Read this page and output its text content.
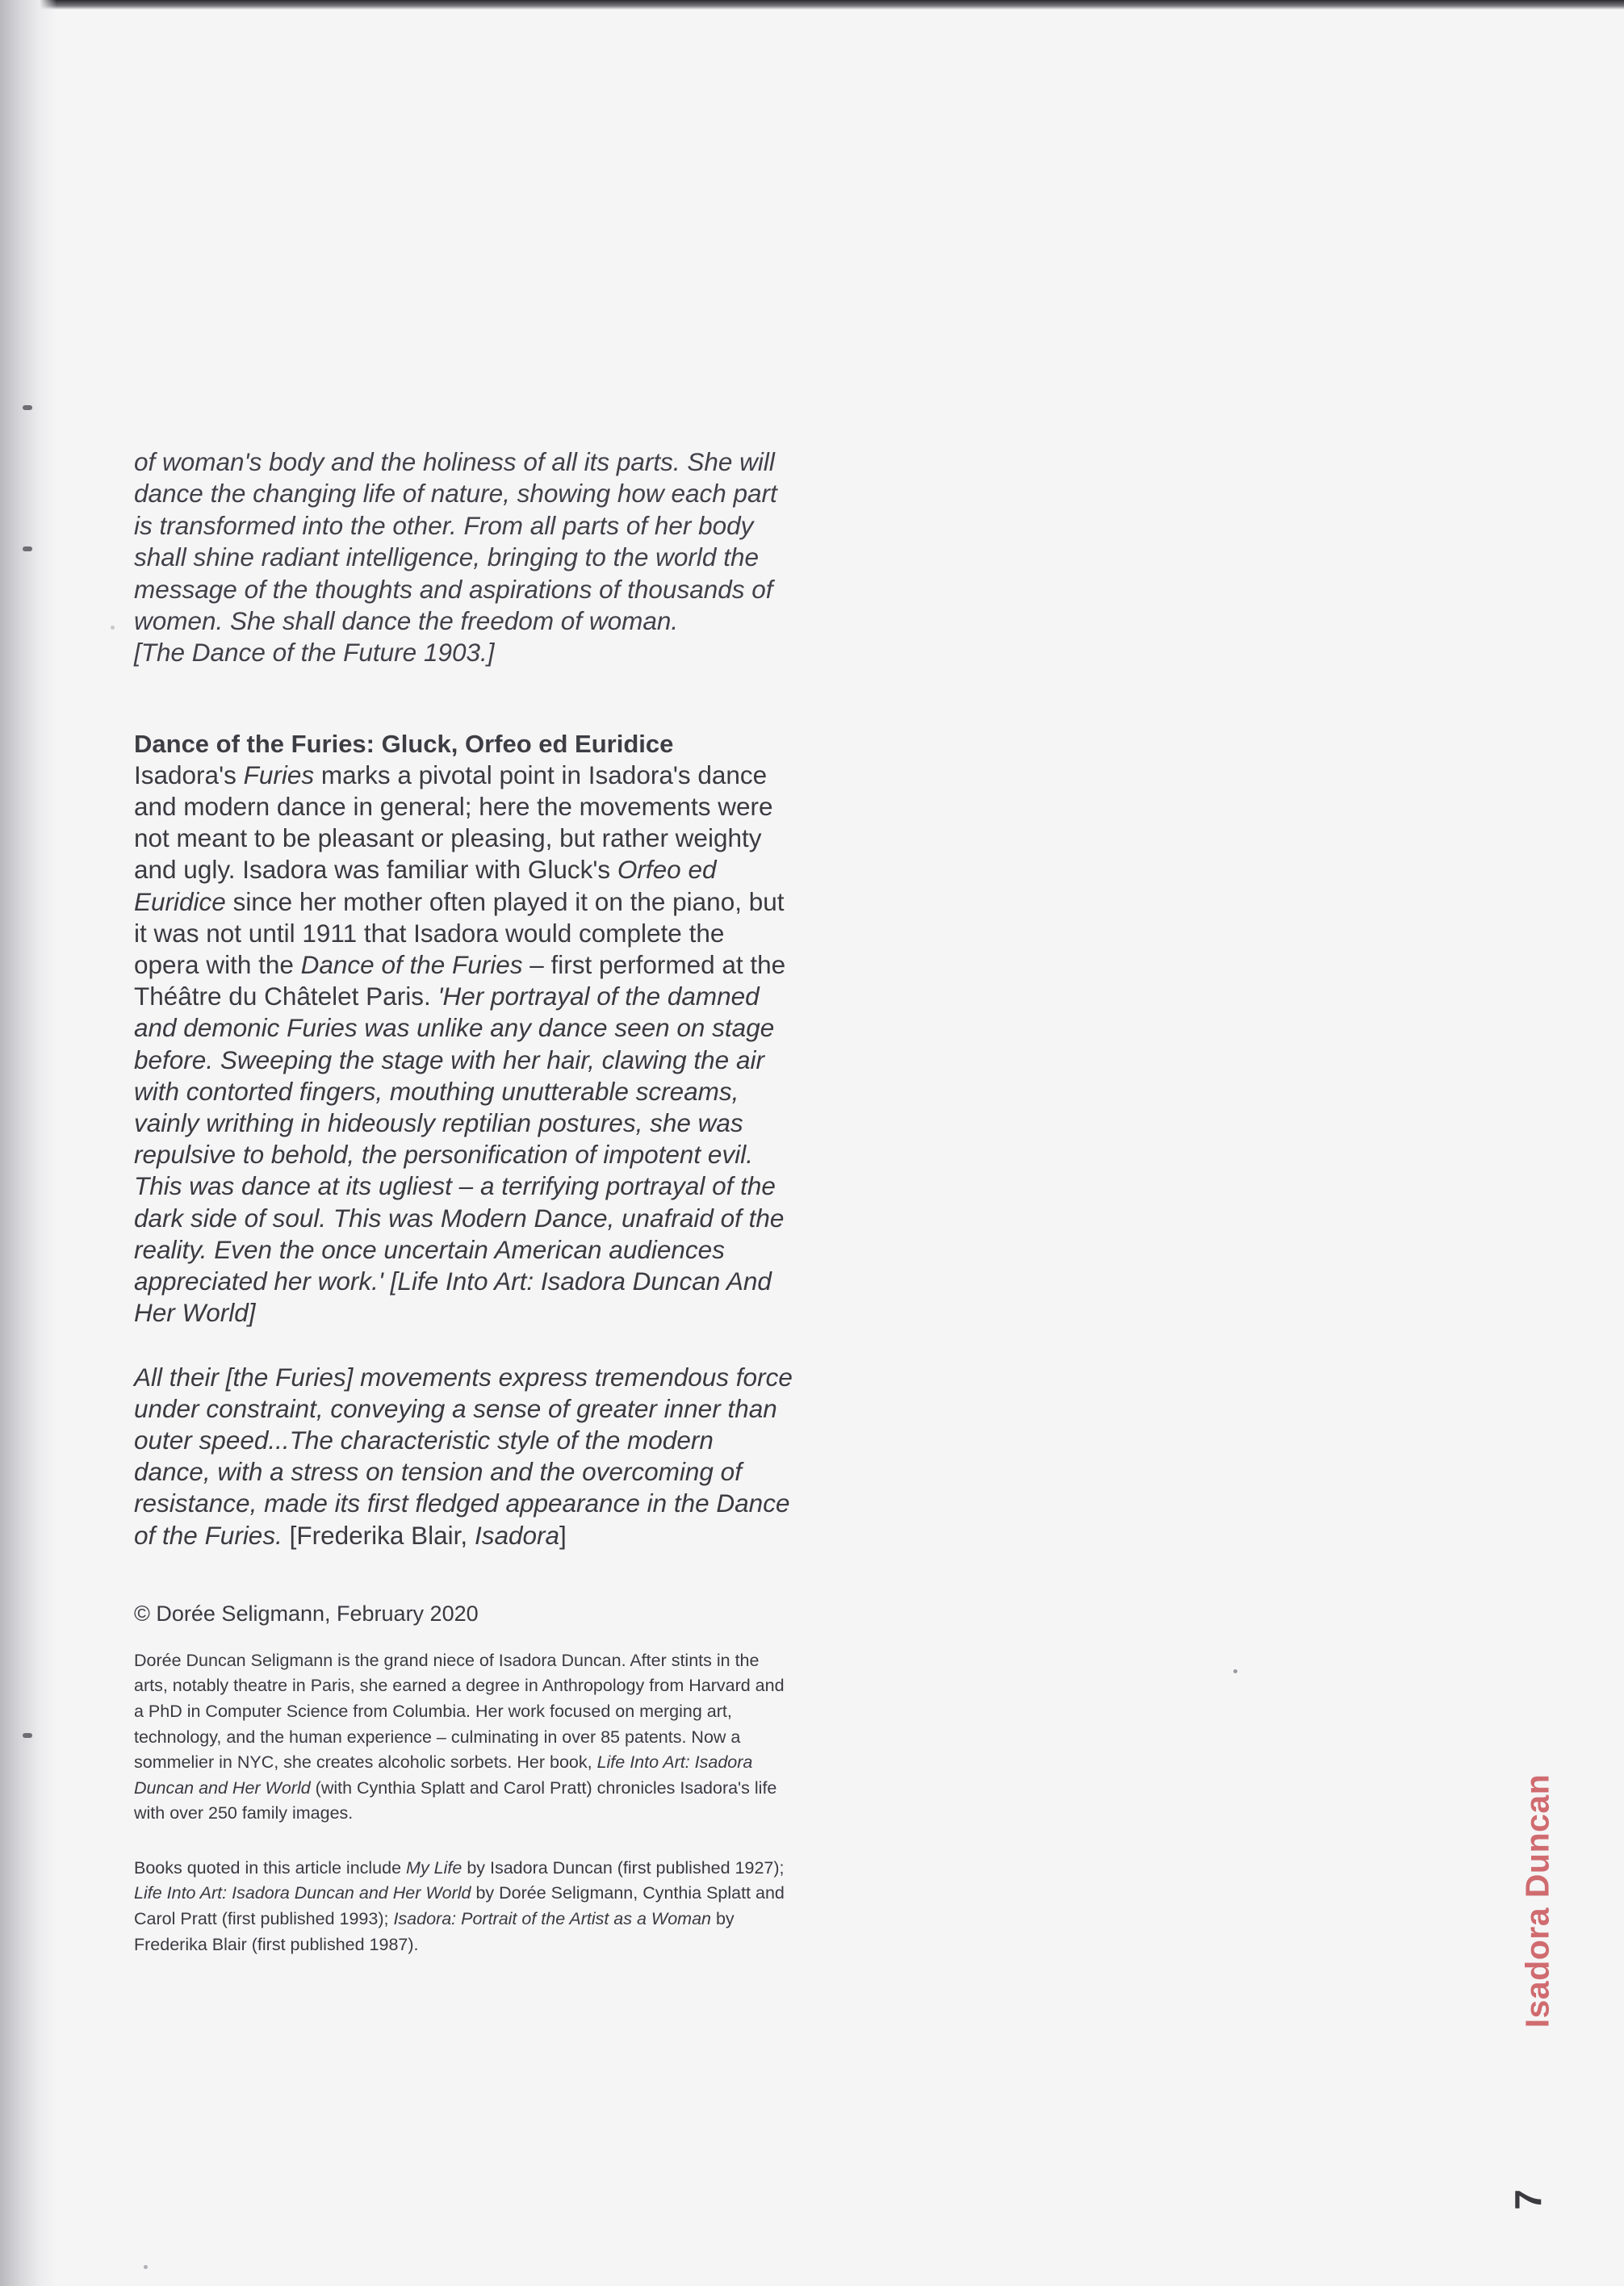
of woman's body and the holiness of all its parts. She will
dance the changing life of nature, showing how each part
is transformed into the other. From all parts of her body
shall shine radiant intelligence, bringing to the world the
message of the thoughts and aspirations of thousands of
women. She shall dance the freedom of woman.
[The Dance of the Future 1903.]

Dance of the Furies: Gluck, Orfeo ed Euridice

Isadora's Furies marks a pivotal point in Isadora's dance and modern dance in general; here the movements were not meant to be pleasant or pleasing, but rather weighty and ugly. Isadora was familiar with Gluck's Orfeo ed Euridice since her mother often played it on the piano, but it was not until 1911 that Isadora would complete the opera with the Dance of the Furies – first performed at the Théâtre du Châtelet Paris. 'Her portrayal of the damned and demonic Furies was unlike any dance seen on stage before. Sweeping the stage with her hair, clawing the air with contorted fingers, mouthing unutterable screams, vainly writhing in hideously reptilian postures, she was repulsive to behold, the personification of impotent evil. This was dance at its ugliest – a terrifying portrayal of the dark side of soul. This was Modern Dance, unafraid of the reality. Even the once uncertain American audiences appreciated her work.' [Life Into Art: Isadora Duncan And Her World]

All their [the Furies] movements express tremendous force under constraint, conveying a sense of greater inner than outer speed...The characteristic style of the modern dance, with a stress on tension and the overcoming of resistance, made its first fledged appearance in the Dance of the Furies. [Frederika Blair, Isadora]

© Dorée Seligmann, February 2020

Dorée Duncan Seligmann is the grand niece of Isadora Duncan. After stints in the arts, notably theatre in Paris, she earned a degree in Anthropology from Harvard and a PhD in Computer Science from Columbia. Her work focused on merging art, technology, and the human experience – culminating in over 85 patents. Now a sommelier in NYC, she creates alcoholic sorbets. Her book, Life Into Art: Isadora Duncan and Her World (with Cynthia Splatt and Carol Pratt) chronicles Isadora's life with over 250 family images.

Books quoted in this article include My Life by Isadora Duncan (first published 1927); Life Into Art: Isadora Duncan and Her World by Dorée Seligmann, Cynthia Splatt and Carol Pratt (first published 1993); Isadora: Portrait of the Artist as a Woman by Frederika Blair (first published 1987).	Isadora Duncan
7
